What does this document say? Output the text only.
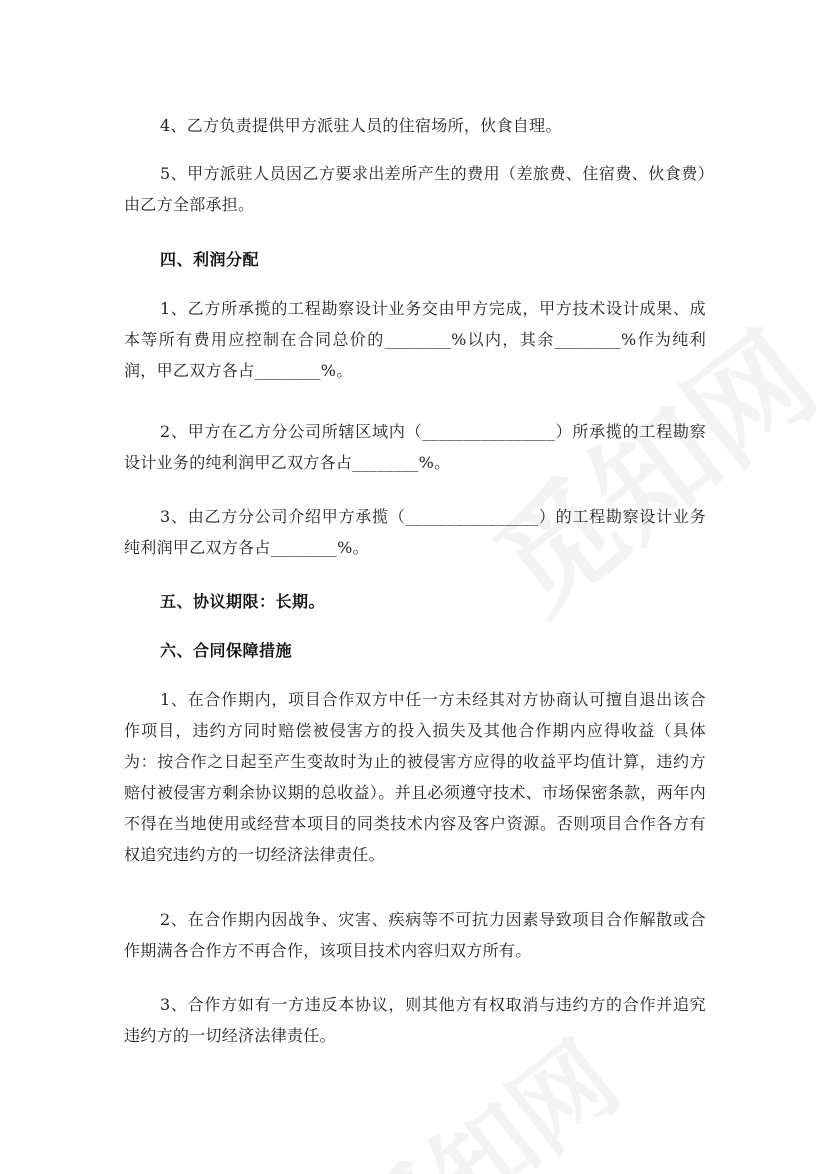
4、乙方负责提供甲方派驻人员的住宿场所，伙食自理。

5、甲方派驻人员因乙方要求出差所产生的费用（差旅费、住宿费、伙食费）由乙方全部承担。

四、利润分配

1、乙方所承揽的工程勘察设计业务交由甲方完成，甲方技术设计成果、成本等所有费用应控制在合同总价的________%以内，其余________%作为纯利润，甲乙双方各占________%。

2、甲方在乙方分公司所辖区域内（________________）所承揽的工程勘察设计业务的纯利润甲乙双方各占________%。

3、由乙方分公司介绍甲方承揽（________________）的工程勘察设计业务纯利润甲乙双方各占________%。

五、协议期限：长期。

六、合同保障措施

1、在合作期内，项目合作双方中任一方未经其对方协商认可擅自退出该合作项目，违约方同时赔偿被侵害方的投入损失及其他合作期内应得收益（具体为：按合作之日起至产生变故时为止的被侵害方应得的收益平均值计算，违约方赔付被侵害方剩余协议期的总收益）。并且必须遵守技术、市场保密条款，两年内不得在当地使用或经营本项目的同类技术内容及客户资源。否则项目合作各方有权追究违约方的一切经济法律责任。

2、在合作期内因战争、灾害、疾病等不可抗力因素导致项目合作解散或合作期满各合作方不再合作，该项目技术内容归双方所有。

3、合作方如有一方违反本协议，则其他方有权取消与违约方的合作并追究违约方的一切经济法律责任。
